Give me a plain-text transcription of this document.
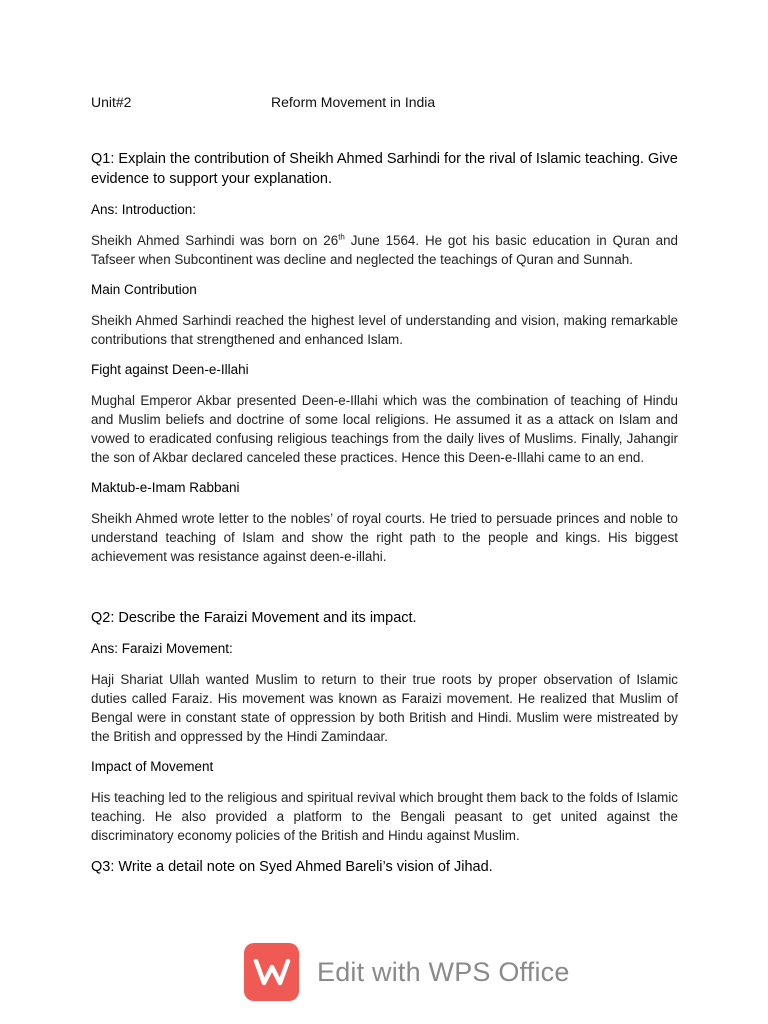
Unit#2	Reform Movement in India

Q1: Explain the contribution of Sheikh Ahmed Sarhindi for the rival of Islamic teaching. Give evidence to support your explanation.

Ans: Introduction:

Sheikh Ahmed Sarhindi was born on 26th June 1564. He got his basic education in Quran and Tafseer when Subcontinent was decline and neglected the teachings of Quran and Sunnah.

Main Contribution

Sheikh Ahmed Sarhindi reached the highest level of understanding and vision, making remarkable contributions that strengthened and enhanced Islam.

Fight against Deen-e-Illahi

Mughal Emperor Akbar presented Deen-e-Illahi which was the combination of teaching of Hindu and Muslim beliefs and doctrine of some local religions. He assumed it as a attack on Islam and vowed to eradicated confusing religious teachings from the daily lives of Muslims. Finally, Jahangir the son of Akbar declared canceled these practices. Hence this Deen-e-Illahi came to an end.

Maktub-e-Imam Rabbani

Sheikh Ahmed wrote letter to the nobles’ of royal courts. He tried to persuade princes and noble to understand teaching of Islam and show the right path to the people and kings. His biggest achievement was resistance against deen-e-illahi.

Q2: Describe the Faraizi Movement and its impact.

Ans: Faraizi Movement:

Haji Shariat Ullah wanted Muslim to return to their true roots by proper observation of Islamic duties called Faraiz. His movement was known as Faraizi movement. He realized that Muslim of Bengal were in constant state of oppression by both British and Hindi. Muslim were mistreated by the British and oppressed by the Hindi Zamindaar.

Impact of Movement

His teaching led to the religious and spiritual revival which brought them back to the folds of Islamic teaching. He also provided a platform to the Bengali peasant to get united against the discriminatory economy policies of the British and Hindu against Muslim.

Q3: Write a detail note on Syed Ahmed Bareli’s vision of Jihad.

Edit with WPS Office
